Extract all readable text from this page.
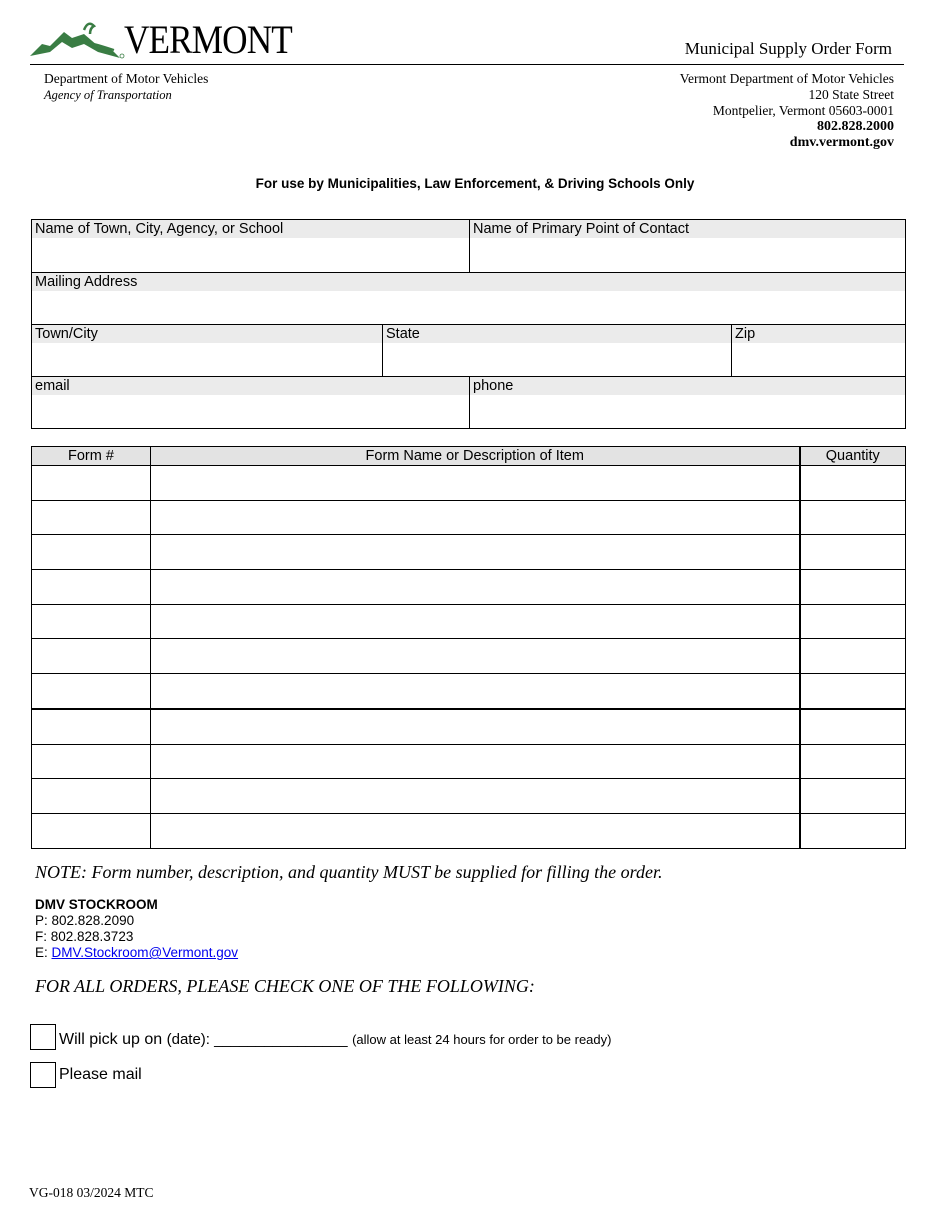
VERMONT	Municipal Supply Order Form
Department of Motor Vehicles
Agency of Transportation
Vermont Department of Motor Vehicles
120 State Street
Montpelier, Vermont 05603-0001
802.828.2000
dmv.vermont.gov
For use by Municipalities, Law Enforcement, & Driving Schools Only
Name of Town, City, Agency, or School	Name of Primary Point of Contact
Mailing Address
Town/City	State	Zip
email	phone
Form #	Form Name or Description of Item	Quantity

NOTE: Form number, description, and quantity MUST be supplied for filling the order.
DMV STOCKROOM
P: 802.828.2090
F: 802.828.3723
E: DMV.Stockroom@Vermont.gov
FOR ALL ORDERS, PLEASE CHECK ONE OF THE FOLLOWING:
Will pick up on (date): ________________ (allow at least 24 hours for order to be ready)
Please mail
VG-018 03/2024 MTC
